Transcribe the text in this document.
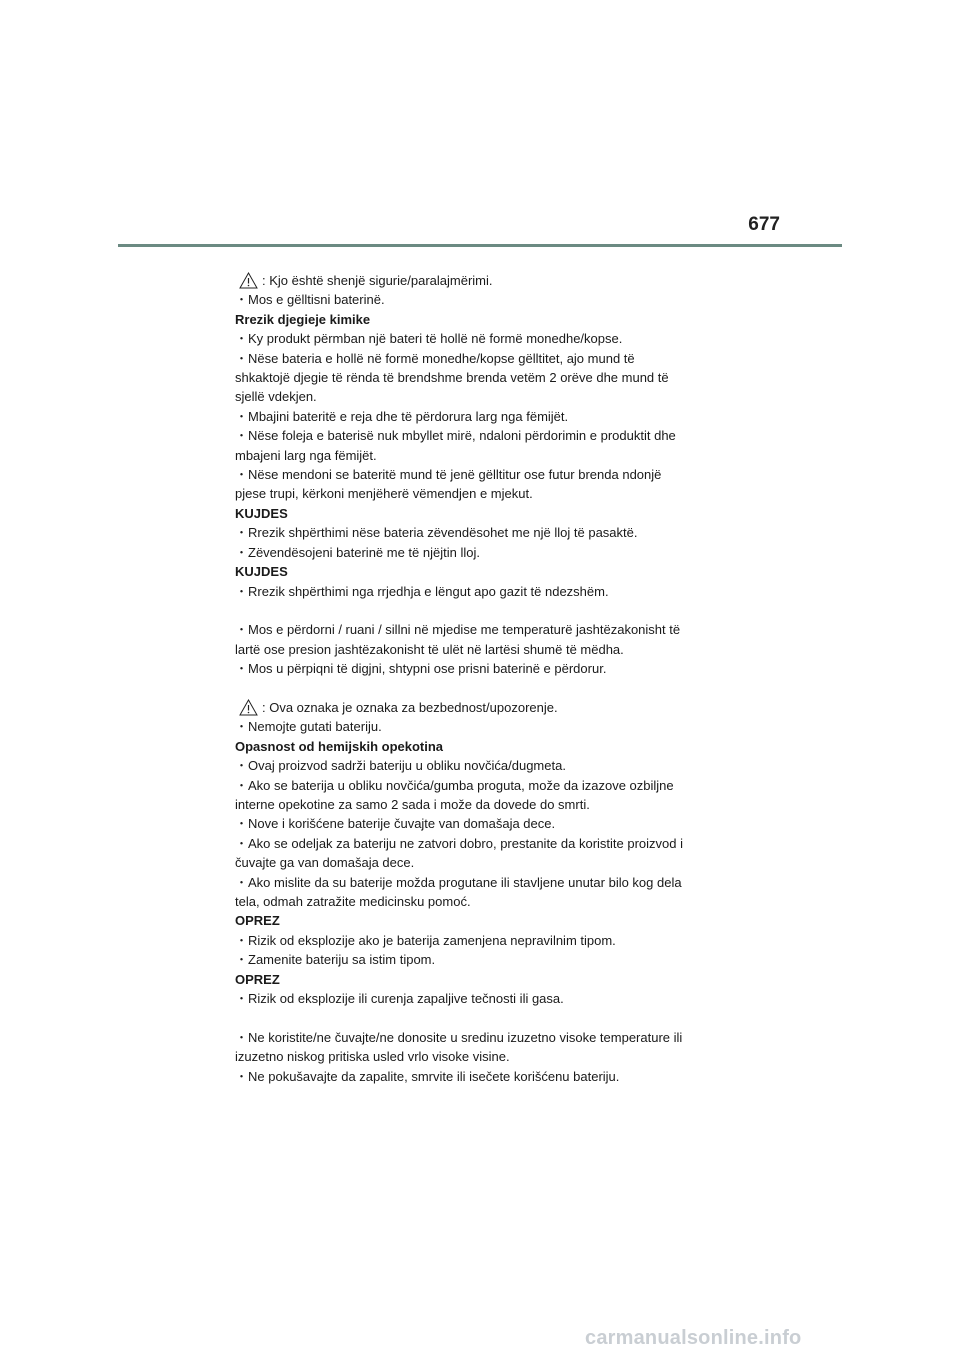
677
: Kjo është shenjë sigurie/paralajmërimi.
・Mos e gëlltisni baterinë.
Rrezik djegieje kimike
・Ky produkt përmban një bateri të hollë në formë monedhe/kopse.
・Nëse bateria e hollë në formë monedhe/kopse gëlltitet, ajo mund të
shkaktojë djegie të rënda të brendshme brenda vetëm 2 orëve dhe mund të
sjellë vdekjen.
・Mbajini bateritë e reja dhe të përdorura larg nga fëmijët.
・Nëse foleja e baterisë nuk mbyllet mirë, ndaloni përdorimin e produktit dhe
mbajeni larg nga fëmijët.
・Nëse mendoni se bateritë mund të jenë gëlltitur ose futur brenda ndonjë
pjese trupi, kërkoni menjëherë vëmendjen e mjekut.
KUJDES
・Rrezik shpërthimi nëse bateria zëvendësohet me një lloj të pasaktë.
・Zëvendësojeni baterinë me të njëjtin lloj.
KUJDES
・Rrezik shpërthimi nga rrjedhja e lëngut apo gazit të ndezshëm.
・Mos e përdorni / ruani / sillni në mjedise me temperaturë jashtëzakonisht të
lartë ose presion jashtëzakonisht të ulët në lartësi shumë të mëdha.
・Mos u përpiqni të digjni, shtypni ose prisni baterinë e përdorur.
: Ova oznaka je oznaka za bezbednost/upozorenje.
・Nemojte gutati bateriju.
Opasnost od hemijskih opekotina
・Ovaj proizvod sadrži bateriju u obliku novčića/dugmeta.
・Ako se baterija u obliku novčića/gumba proguta, može da izazove ozbiljne
interne opekotine za samo 2 sada i može da dovede do smrti.
・Nove i korišćene baterije čuvajte van domašaja dece.
・Ako se odeljak za bateriju ne zatvori dobro, prestanite da koristite proizvod i
čuvajte ga van domašaja dece.
・Ako mislite da su baterije možda progutane ili stavljene unutar bilo kog dela
tela, odmah zatražite medicinsku pomoć.
OPREZ
・Rizik od eksplozije ako je baterija zamenjena nepravilnim tipom.
・Zamenite bateriju sa istim tipom.
OPREZ
・Rizik od eksplozije ili curenja zapaljive tečnosti ili gasa.
・Ne koristite/ne čuvajte/ne donosite u sredinu izuzetno visoke temperature ili
izuzetno niskog pritiska usled vrlo visoke visine.
・Ne pokušavajte da zapalite, smrvite ili isečete korišćenu bateriju.
carmanualsonline.info
